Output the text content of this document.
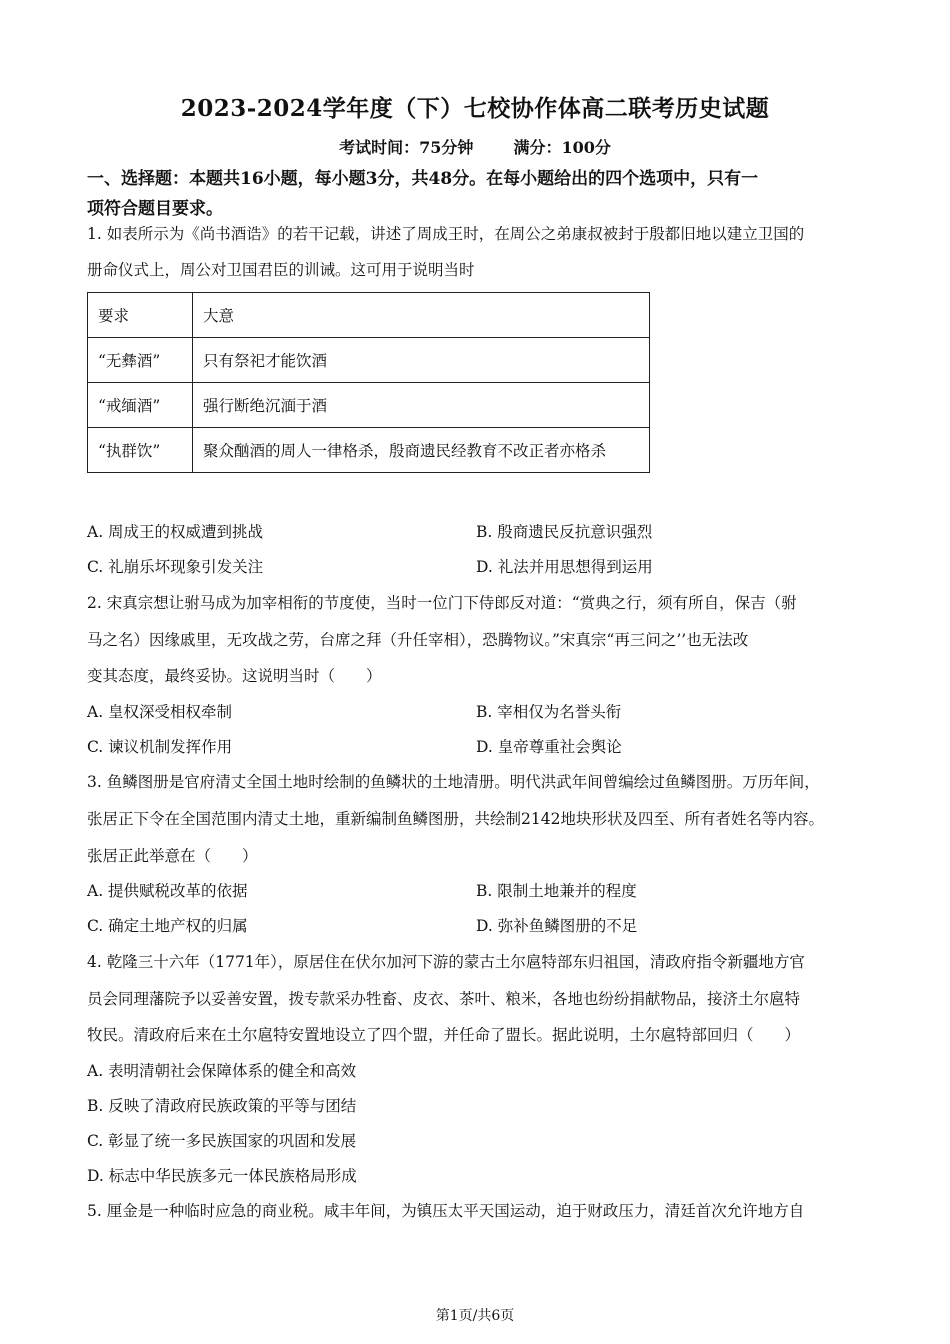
2023-2024学年度（下）七校协作体高二联考历史试题
考试时间：75分钟	满分：100分
一、选择题：本题共16小题，每小题3分，共48分。在每小题给出的四个选项中，只有一
项符合题目要求。
1. 如表所示为《尚书酒诰》的若干记载，讲述了周成王时，在周公之弟康叔被封于殷都旧地以建立卫国的
册命仪式上，周公对卫国君臣的训诫。这可用于说明当时
要求	大意
“无彝酒”	只有祭祀才能饮酒
“戒缅酒”	强行断绝沉湎于酒
“执群饮”	聚众酗酒的周人一律格杀，殷商遗民经教育不改正者亦格杀
A. 周成王的权威遭到挑战	B. 殷商遗民反抗意识强烈
C. 礼崩乐坏现象引发关注	D. 礼法并用思想得到运用
2. 宋真宗想让驸马成为加宰相衔的节度使，当时一位门下侍郎反对道：“赏典之行，须有所自，保吉（驸
马之名）因缘戚里，无攻战之劳，台席之拜（升任宰相），恐腾物议。”宋真宗“再三问之’’也无法改
变其态度，最终妥协。这说明当时（　　）
A. 皇权深受相权牵制	B. 宰相仅为名誉头衔
C. 谏议机制发挥作用	D. 皇帝尊重社会舆论
3. 鱼鳞图册是官府清丈全国土地时绘制的鱼鳞状的土地清册。明代洪武年间曾编绘过鱼鳞图册。万历年间，
张居正下令在全国范围内清丈土地，重新编制鱼鳞图册，共绘制2142地块形状及四至、所有者姓名等内容。
张居正此举意在（　　）
A. 提供赋税改革的依据	B. 限制土地兼并的程度
C. 确定土地产权的归属	D. 弥补鱼鳞图册的不足
4. 乾隆三十六年（1771年），原居住在伏尔加河下游的蒙古土尔扈特部东归祖国，清政府指令新疆地方官
员会同理藩院予以妥善安置，拨专款采办牲畜、皮衣、茶叶、粮米，各地也纷纷捐献物品，接济土尔扈特
牧民。清政府后来在土尔扈特安置地设立了四个盟，并任命了盟长。据此说明，土尔扈特部回归（　　）
A. 表明清朝社会保障体系的健全和高效
B. 反映了清政府民族政策的平等与团结
C. 彰显了统一多民族国家的巩固和发展
D. 标志中华民族多元一体民族格局形成
5. 厘金是一种临时应急的商业税。咸丰年间，为镇压太平天国运动，迫于财政压力，清廷首次允许地方自
第1页/共6页
